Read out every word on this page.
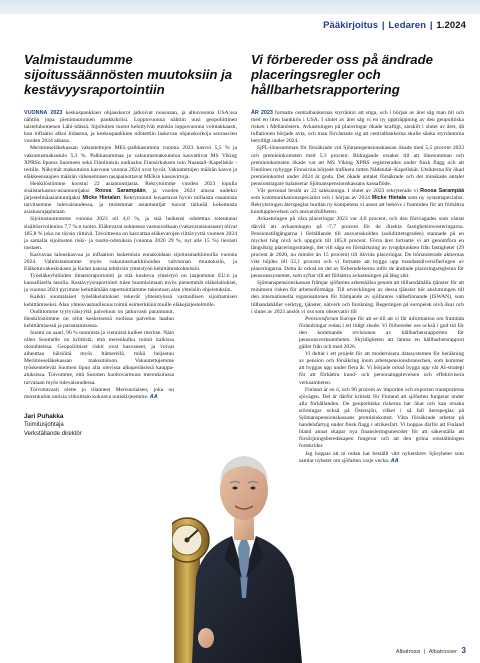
Pääkirjoitus | Ledaren | 1.2024
Valmistaudumme sijoitussäännösten muutoksiin ja kestävyysraportointiin

VUONNA 2023 keskuspankkien ohjauskorot jatkoivat nousuaan, ja alkuvuonna USA:ssa nähtiin jopa pienimuotoinen pankkikriisi. Loppuvuonna nähtiin uusi geopoliittinen taisteluhomenen Lähi-idässä. Sijoituiten tuotot kehittyivät etenkin loppuvuonna voimakkaasti, kun inflaatio alkoi hidastua, ja keskuspankkien odotettiin laskevan ohjauskorkoja seuraavien vuoden 2024 aikana.

Merimieseläkekassan vakuutettujen MEL-palkkasumma vuonna 2023 kasvoi 5,5 % ja vakuutusmaksutulo 5,3 %. Palkkasummaa ja vakuutusmaksutuloa kasvattivat MS Viking XPRSn liputus Suomeen sekä Finnlinesin uudiaalus Finnsirkuksen tulo Naantali–Kapellskär -reitille. Näkymät maksutulon kasvuun vuonna 2024 ovat hyvät. Vakuutettujen määrän kasvu ja eläkkeensaajien määrän väheneminen tasapainottavat MEKin kassavirtoja.

Henkilöstömme koostui 22 asiantuntijasta. Rekrytoimme vuoden 2023 lopulla sisäistarkastus-asiantuntijaksi Roosa Sarampään, ja vuoden 2024 alussa uudeksi järjestelmäasiantuntijaksi Micke Hietalan. Rekrytoinnit kuvastavat hyvin millaista osaamista tarvitsemme tulevaisuudessa, ja molemmat asiantuntijat tuovat tärkeää kokemusta asiakasrajapintaan.

Sijoitustuottomme vuonna 2023 oli 4,0 %, ja sitä heikensi odotettua toteutunut sisältöarvoiteulos 7,7 %:n tuotto. Eläkevarat suhteessa vastuuvelkaan (vakavaraisuusaste) olivat 185,8 % joka on täysin riittävä. Tavoitteena on kasvattaa eläkevarojen riittävyyttä vuoteen 2024 ja samalla sijoitusten riski- ja tuotto-odotuksia (vuonna 2020 29 %, nyt alle 15 %) lievästi nostaen.

Kasvavaa talouskasvua ja inflaation laskemista ennakoidaan sijoitusmarkkinoilla vuonna 2024. Valmistautumme myös vakuutusmarkkinoiden valvonnan muutoksiin, ja Eläketurvakeskuksen ja Kelan kanssa tehtäviin yhteistyön kehittämiskohteisiin.

Työeläkeyhtiöiden ilmastoraportointi ja sitä koskeva yhteistyö on laajentunut EU:n ja kansallisella tasolla. Kestävyysraportointi tulee huomioimaan myös pienemmät eläkelaitokset, ja vuonna 2024 pyrimme kehittämään raportointiamme tukeutuen alan yhteisiin ohjeistuksiin.

Kaikki suomalaiset työeläkelaitokset tekevät yhteistyössä vastuullisen sijoittamisen kehittämiseksi. Alan yhteisvastuullisuus toimii esimerkkinä muille eläkejärjestelmille.

Oudittomme tyytyväisyyttä palveluun on jatkuvasti parantunut. Henkilöstömme on ollut keskeisessä roolissa palvelun laadun kehittämisessä ja parantamisessa.

Suomi on saari, 96 % tuonnista ja viennistä kulkee meritse. Näin ollen Suomelle on kriittistä, että merenkulku toimii kaikissa olosuhteissa. Geopoliittiset riskit ovat kasvaneet, ja voivat aiheuttaa häiriöitä myös Itämerellä, mikä heijastuu Merimieseläkekassan maksutuloon. Vakuutettujemme työskentelevät Suomen lipun alla olevissa alkuperäisissä kauppa-aluksissa. Toivomme, että Suomen huoltovarmuus merenkulussa turvataan myös tulevaisuudessa.

Toivottavasti olette jo tilanneet Merisuolaisen, joka on merenkulun uutisia viikoittain kokoava uutiskirjeemme. AA

Jari Puhakka
Toimitusjohtaja
Verkställande direktör
Vi förbereder oss på ändrade placeringsregler och hållbarhetsrapportering

ÅR 2023 fortsatte centralbankernas styrräntor att stiga, och i början av året såg man till och med en liten bankkris i USA. I slutet av året såg vi en ny uppträppning av den geopolitiska risken i Mellanöstern. Avkastningen på placeringar ökade kraftigt, särskilt i slutet av året, då inflationen började avta, och man förväntade sig att centralbankerna skulle sänka styrräntorna betydligt under 2024.

SjPL-lönesumman för försäkrade vid Sjömanspensionskassan ökade med 5,5 procent 2023 och premieinkomsten med 5,3 procent. Bidragande orsaker till att lönesumman och premieinkomsten ökade var att MS Viking XPRS registrerades under finsk flagg och att Finnlines nybygge Finnsirius började trafikera rutten Nådendal–Kapellskär. Utsikterna för ökad premieinkomst under 2024 är goda. Det ökade antalet försäkrade och det minskade antalet pensionstagare balanserar Sjömanspensionskassans kassaflöde.

Vår personal består av 22 sakkunniga. I slutet av 2023 rekryterade vi Roosa Sarampää som kommunikationsspecialist och i början av 2024 Micke Hietala som ny systemspecialist. Rekryteringen återspeglar hurdan ny kompetens vi anser att behövs i framtiden för att förbättra kundupplevelsen och ansvarsfullheten.

Avkastningen på våra placeringar 2023 var 4,0 procent, och den försvagades som väntat därvid att avkastningen på -7,7 procent för de direkta fastighetsinvesteringarna. Pensionstillgångarna i förhållande till ansvarsskulden (solidititetsgraden) stannade på en mycket hög nivå och uppgick till 185,8 procent. Förra året fortsatte vi att genomföra en långsiktig placeringsstrategi, det vill säga en förstärkning av tyngdpunkten från fastigheter (29 procent år 2020, nu mindre än 15 procent) till likvida placeringar. De börsnoterade aktiernas vikt höjdes till 32,1 procent och vi fortsatte att bygga upp mandatsdiversifieringen av placeringarna. Detta är också en del av förberedelserna inför de ändrade placeringsreglerna för pensionssystemet, som syftar till att förbättra avkastningen på lång sikt.

Sjömanspensionskassan främjar sjöfarens arbetshälsa genom att tillhandahålla tjänster för att minimera risken för arbetsoförmåga. Till utvecklingen av dessa tjänster hör anslutningen till den internationella organisationen för främjande av sjöfarares välbefinnande (ISWAN), som tillhandahåller verktyg, tjänster, nätverk och forskning. Regeringen på europeisk nivå ökar och i slutet av 2023 anslöt vi oss som observatör till

Pensionsforum Europe för att se till att vi får information om framtida förändringar redan i ett tidigt skede. Vi förbereder oss också i god tid för den kommande revisionen av hållbarhetsrapporten för pensionsverksamheten. Skyldigheten att lämna en hållbarhetsrapport gäller från och med 2026.

Vi deltar i ett projekt för att modernisera datasystemen för beräkning av pension och försäkring inom arbetspensionsbranschen, som kommer att byggas upp under flera år. Vi började också bygga upp vår AI-strategi för att förbättra kund- och personalupplevelsen och effektivisera verksamheten.

Finland är en ö, och 96 procent av importen och exporten transporteras sjövägen. Det är därför kritiskt för Finland att sjöfarten fungerar under alla förhållanden. De geopolitiska riskerna har ökat och kan orsaka störningar också på Östersjön, vilket i så fall återspeglas på Sjömanspensionskassans premieinkomst. Våra försäkrade arbetar på handelsfartyg under finsk flagg i utrikesfart. Vi hoppas därför att Finland bland annat skapar nya finansieringsmetoder för att säkerställa att försörjningsberedskapen fungerar och att den gröna omställningen fortskrider.

Jag hoppas att ni redan har beställt vårt nyhetsbrev Sjöryheter som samlar nyheter om sjöfarten varje vecka. AA

Albatrossi | Albatrosser 3
